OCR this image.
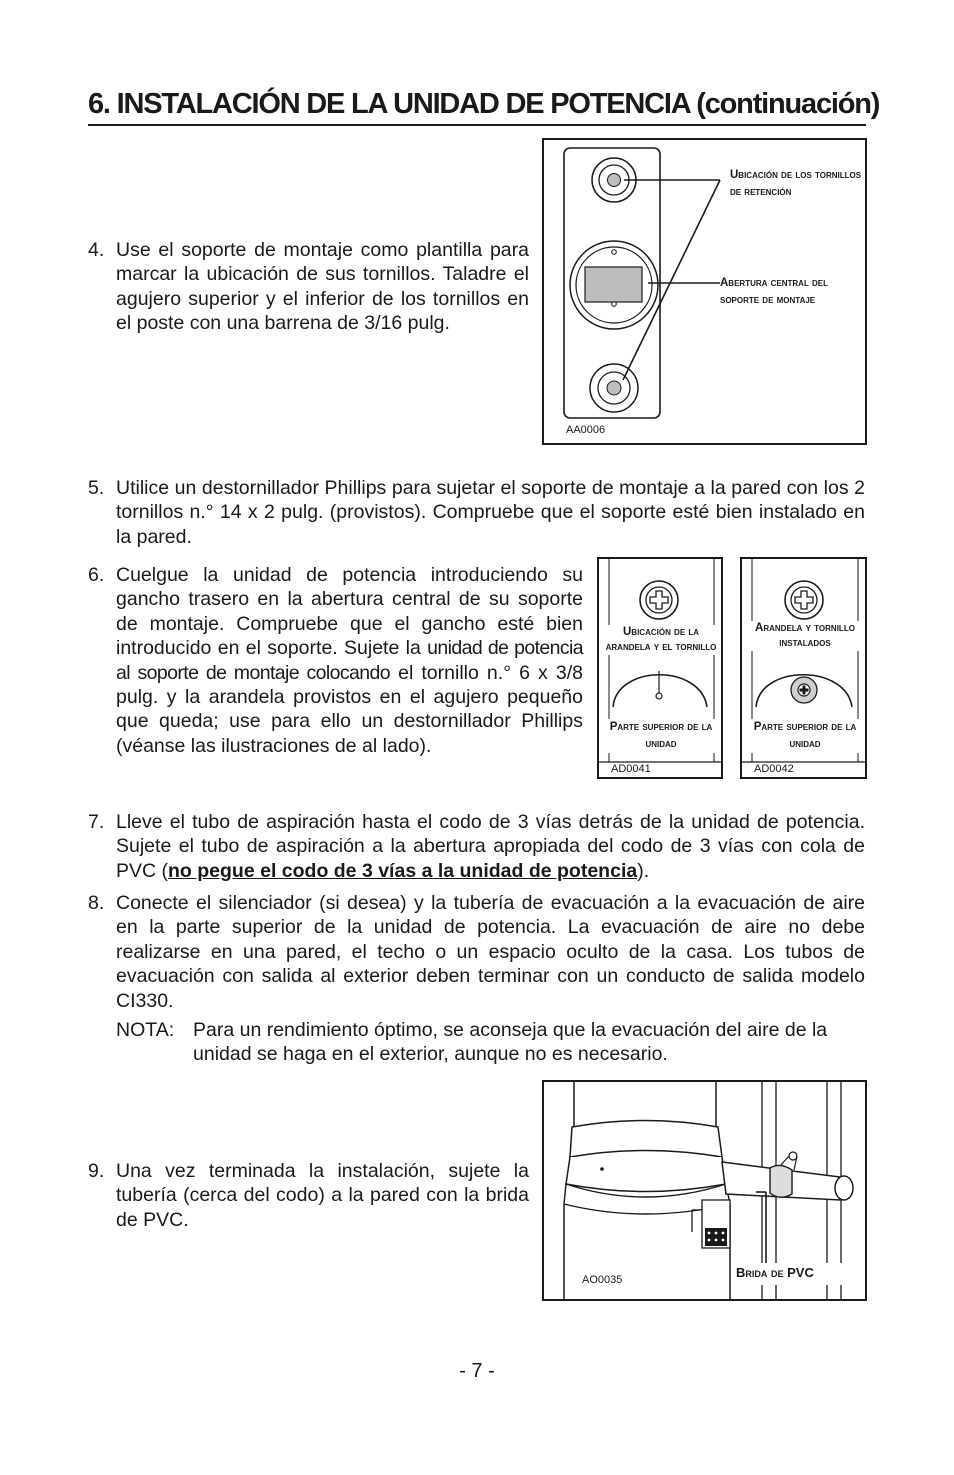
6. INSTALACIÓN DE LA UNIDAD DE POTENCIA (continuación)
4. Use el soporte de montaje como plantilla para marcar la ubicación de sus tornillos. Taladre el agujero superior y el inferior de los tornillos en el poste con una barrena de 3/16 pulg.
Ubicación de los tornillos de retención
Abertura central del soporte de montaje
AA0006
5. Utilice un destornillador Phillips para sujetar el soporte de montaje a la pared con los 2 tornillos n.° 14 x 2 pulg. (provistos). Compruebe que el soporte esté bien instalado en la pared.
6. Cuelgue la unidad de potencia introduciendo su gancho trasero en la abertura central de su soporte de montaje. Compruebe que el gancho esté bien introducido en el soporte. Sujete la unidad de potencia al soporte de montaje colocando el tornillo n.° 6 x 3/8 pulg. y la arandela provistos en el agujero pequeño que queda; use para ello un destornillador Phillips (véanse las ilustraciones de al lado).
Ubicación de la arandela y el tornillo
Parte superior de la unidad
AD0041
Arandela y tornillo instalados
Parte superior de la unidad
AD0042
7. Lleve el tubo de aspiración hasta el codo de 3 vías detrás de la unidad de potencia. Sujete el tubo de aspiración a la abertura apropiada del codo de 3 vías con cola de PVC (no pegue el codo de 3 vías a la unidad de potencia).
8. Conecte el silenciador (si desea) y la tubería de evacuación a la evacuación de aire en la parte superior de la unidad de potencia. La evacuación de aire no debe realizarse en una pared, el techo o un espacio oculto de la casa. Los tubos de evacuación con salida al exterior deben terminar con un conducto de salida modelo CI330.
NOTA: Para un rendimiento óptimo, se aconseja que la evacuación del aire de la unidad se haga en el exterior, aunque no es necesario.
9. Una vez terminada la instalación, sujete la tubería (cerca del codo) a la pared con la brida de PVC.
Brida de PVC
AO0035
- 7 -
